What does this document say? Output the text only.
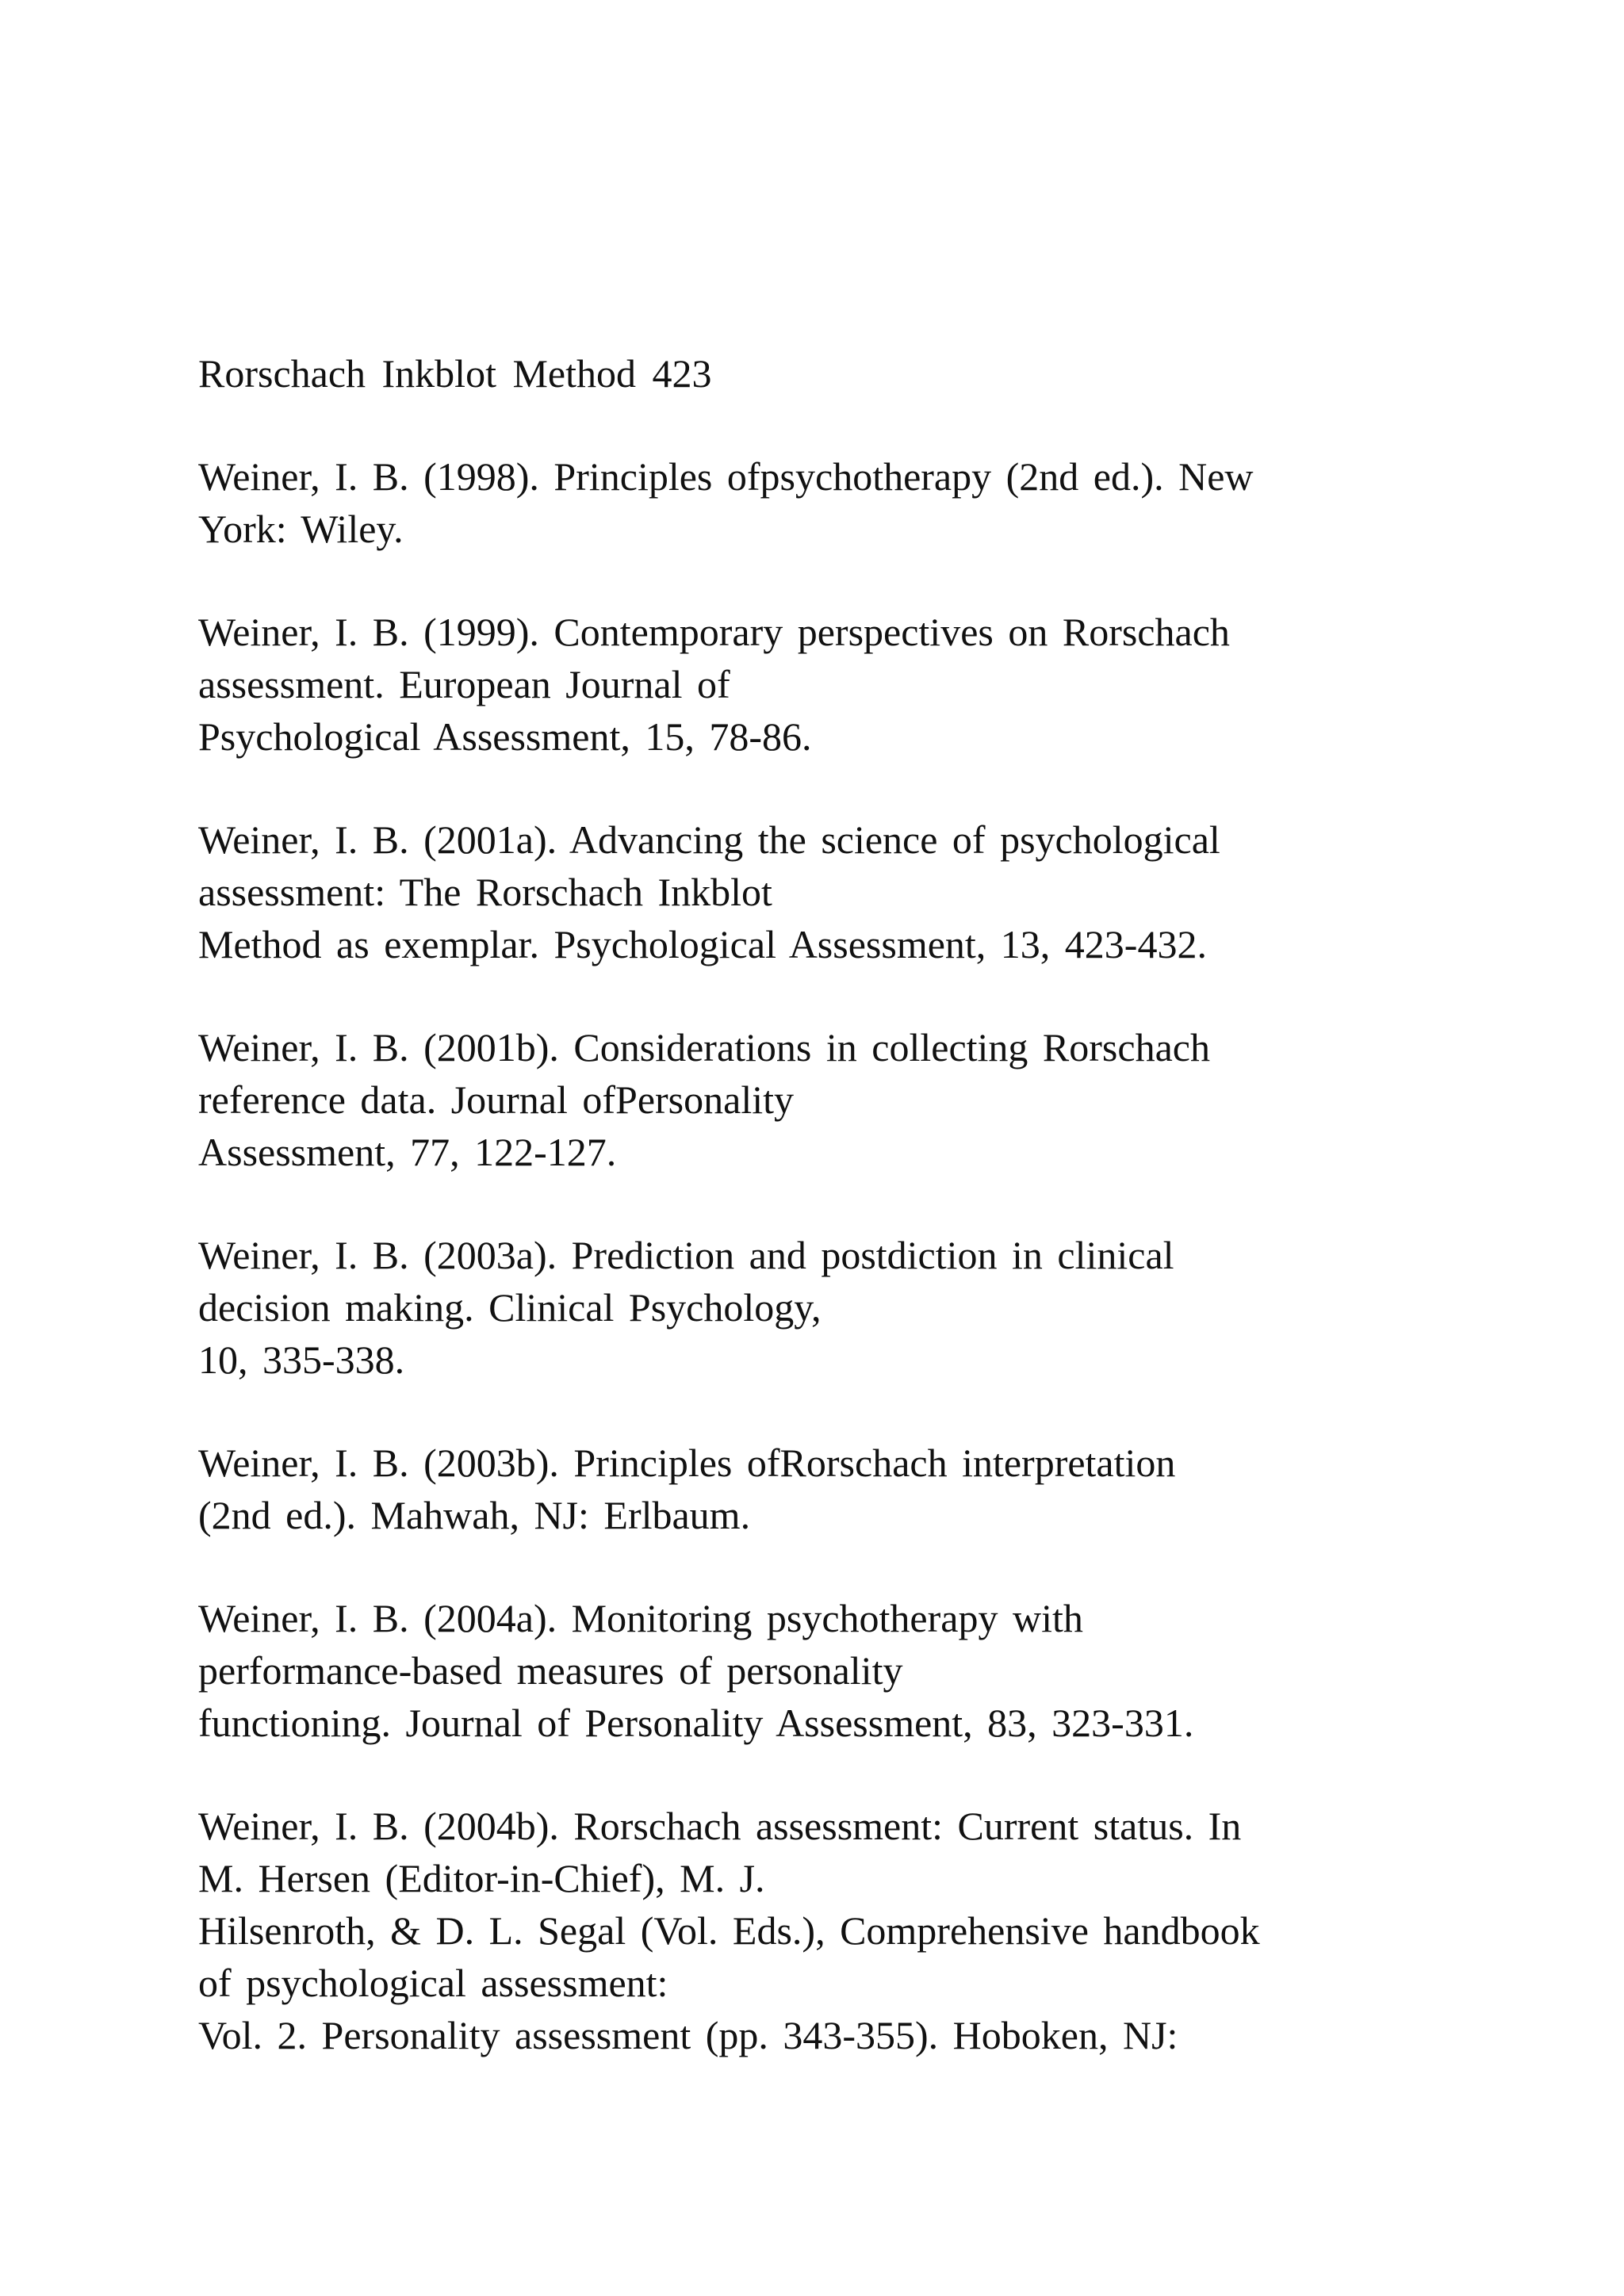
Rorschach Inkblot Method 423
Weiner, I. B. (1998). Principles ofpsychotherapy (2nd ed.). New
York: Wiley.
Weiner, I. B. (1999). Contemporary perspectives on Rorschach
assessment. European Journal of
Psychological Assessment, 15, 78-86.
Weiner, I. B. (2001a). Advancing the science of psychological
assessment: The Rorschach Inkblot
Method as exemplar. Psychological Assessment, 13, 423-432.
Weiner, I. B. (2001b). Considerations in collecting Rorschach
reference data. Journal ofPersonality
Assessment, 77, 122-127.
Weiner, I. B. (2003a). Prediction and postdiction in clinical
decision making. Clinical Psychology,
10, 335-338.
Weiner, I. B. (2003b). Principles ofRorschach interpretation
(2nd ed.). Mahwah, NJ: Erlbaum.
Weiner, I. B. (2004a). Monitoring psychotherapy with
performance-based measures of personality
functioning. Journal of Personality Assessment, 83, 323-331.
Weiner, I. B. (2004b). Rorschach assessment: Current status. In
M. Hersen (Editor-in-Chief), M. J.
Hilsenroth, & D. L. Segal (Vol. Eds.), Comprehensive handbook
of psychological assessment:
Vol. 2. Personality assessment (pp. 343-355). Hoboken, NJ:
